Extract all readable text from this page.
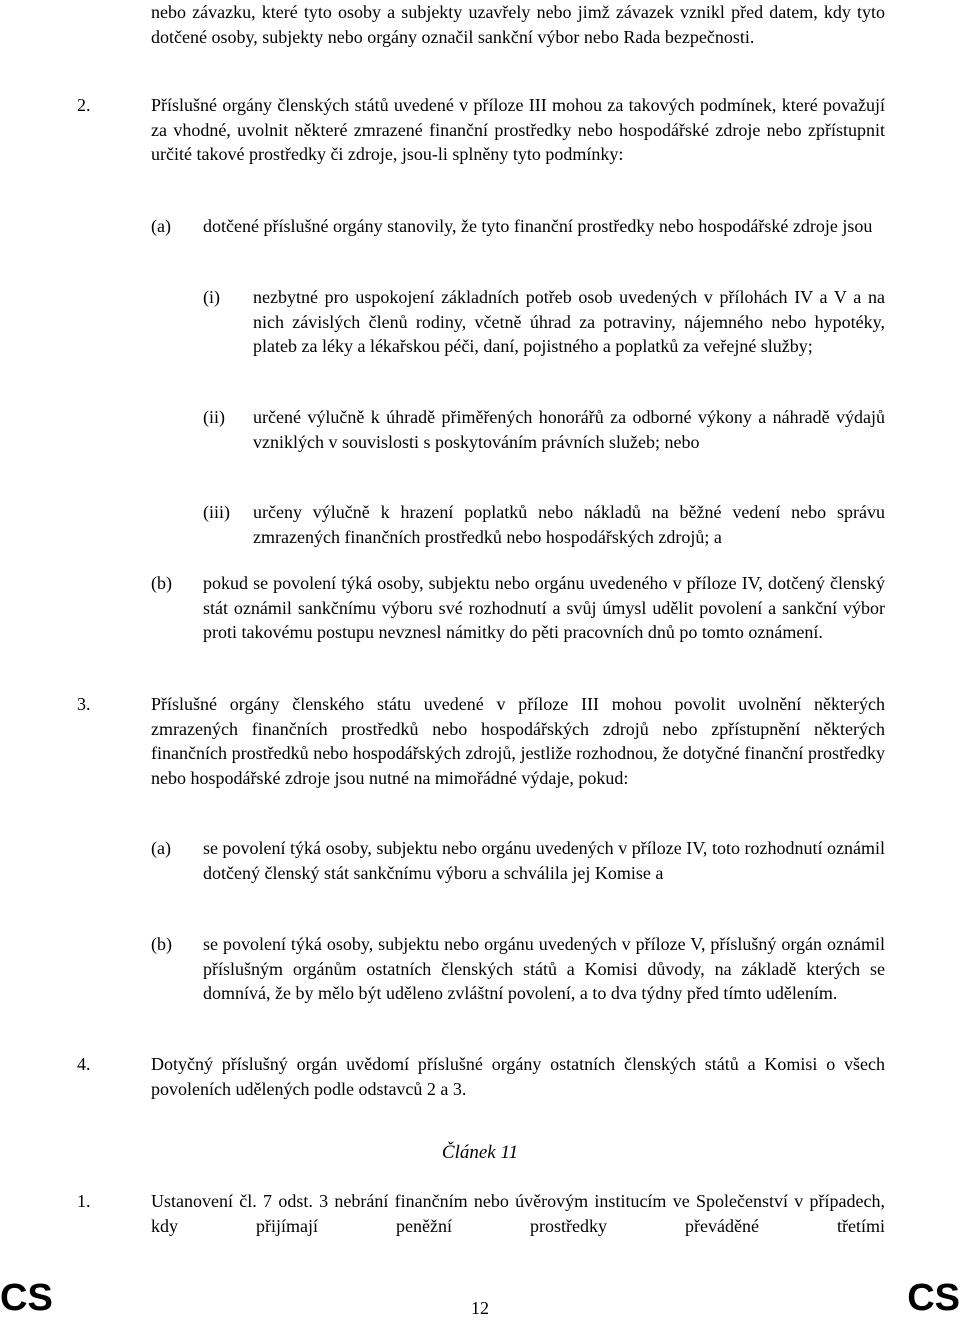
nebo závazku, které tyto osoby a subjekty uzavřely nebo jimž závazek vznikl před datem, kdy tyto dotčené osoby, subjekty nebo orgány označil sankční výbor nebo Rada bezpečnosti.

2.	Příslušné orgány členských států uvedené v příloze III mohou za takových podmínek, které považují za vhodné, uvolnit některé zmrazené finanční prostředky nebo hospodářské zdroje nebo zpřístupnit určité takové prostředky či zdroje, jsou-li splněny tyto podmínky:

(a) dotčené příslušné orgány stanovily, že tyto finanční prostředky nebo hospodářské zdroje jsou

(i) nezbytné pro uspokojení základních potřeb osob uvedených v přílohách IV a V a na nich závislých členů rodiny, včetně úhrad za potraviny, nájemného nebo hypotéky, plateb za léky a lékařskou péči, daní, pojistného a poplatků za veřejné služby;

(ii) určené výlučně k úhradě přiměřených honorářů za odborné výkony a náhradě výdajů vzniklých v souvislosti s poskytováním právních služeb; nebo

(iii) určeny výlučně k hrazení poplatků nebo nákladů na běžné vedení nebo správu zmrazených finančních prostředků nebo hospodářských zdrojů; a

(b) pokud se povolení týká osoby, subjektu nebo orgánu uvedeného v příloze IV, dotčený členský stát oznámil sankčnímu výboru své rozhodnutí a svůj úmysl udělit povolení a sankční výbor proti takovému postupu nevznesl námitky do pěti pracovních dnů po tomto oznámení.

3.	Příslušné orgány členského státu uvedené v příloze III mohou povolit uvolnění některých zmrazených finančních prostředků nebo hospodářských zdrojů nebo zpřístupnění některých finančních prostředků nebo hospodářských zdrojů, jestliže rozhodnou, že dotyčné finanční prostředky nebo hospodářské zdroje jsou nutné na mimořádné výdaje, pokud:

(a) se povolení týká osoby, subjektu nebo orgánu uvedených v příloze IV, toto rozhodnutí oznámil dotčený členský stát sankčnímu výboru a schválila jej Komise a

(b) se povolení týká osoby, subjektu nebo orgánu uvedených v příloze V, příslušný orgán oznámil příslušným orgánům ostatních členských států a Komisi důvody, na základě kterých se domnívá, že by mělo být uděleno zvláštní povolení, a to dva týdny před tímto udělením.

4.	Dotyčný příslušný orgán uvědomí příslušné orgány ostatních členských států a Komisi o všech povoleních udělených podle odstavců 2 a 3.

Článek 11
1.	Ustanovení čl. 7 odst. 3 nebrání finančním nebo úvěrovým institucím ve Společenství v případech, kdy přijímají peněžní prostředky převáděné třetími

CS	12	CS
